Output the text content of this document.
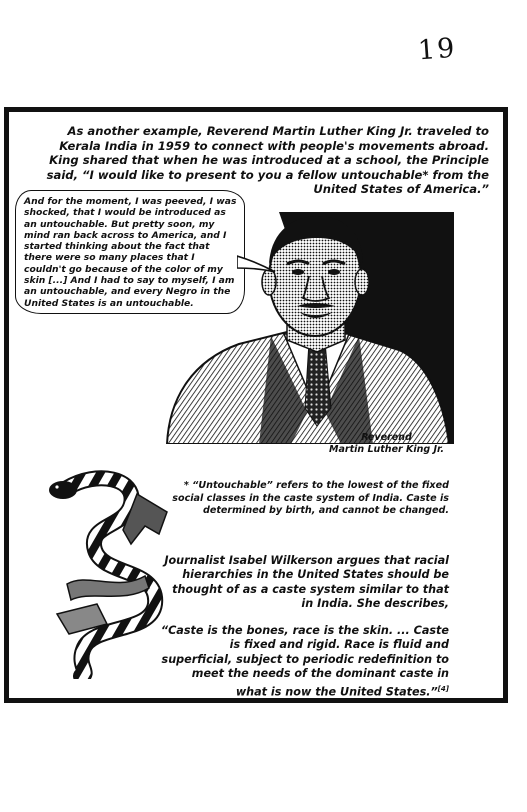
19
As another example, Reverend Martin Luther King Jr. traveled to Kerala India in 1959 to connect with people's movements abroad. King shared that when he was introduced at a school, the Principle said, “I would like to present to you a fellow untouchable* from the United States of America.”
And for the moment, I was peeved, I was shocked, that I would be introduced as an untouchable. But pretty soon, my mind ran back across to America, and I started thinking about the fact that there were so many places that I couldn't go because of the color of my skin [...] And I had to say to myself, I am an untouchable, and every Negro in the United States is an untouchable.
Reverend
Martin Luther King Jr.
* “Untouchable” refers to the lowest of the fixed social classes in the caste system of India. Caste is determined by birth, and cannot be changed.
Journalist Isabel Wilkerson argues that racial hierarchies in the United States should be thought of as a caste system similar to that in India. She describes,
“Caste is the bones, race is the skin. ... Caste is fixed and rigid. Race is fluid and superficial, subject to periodic redefinition to meet the needs of the dominant caste in what is now the United States.”[4]
